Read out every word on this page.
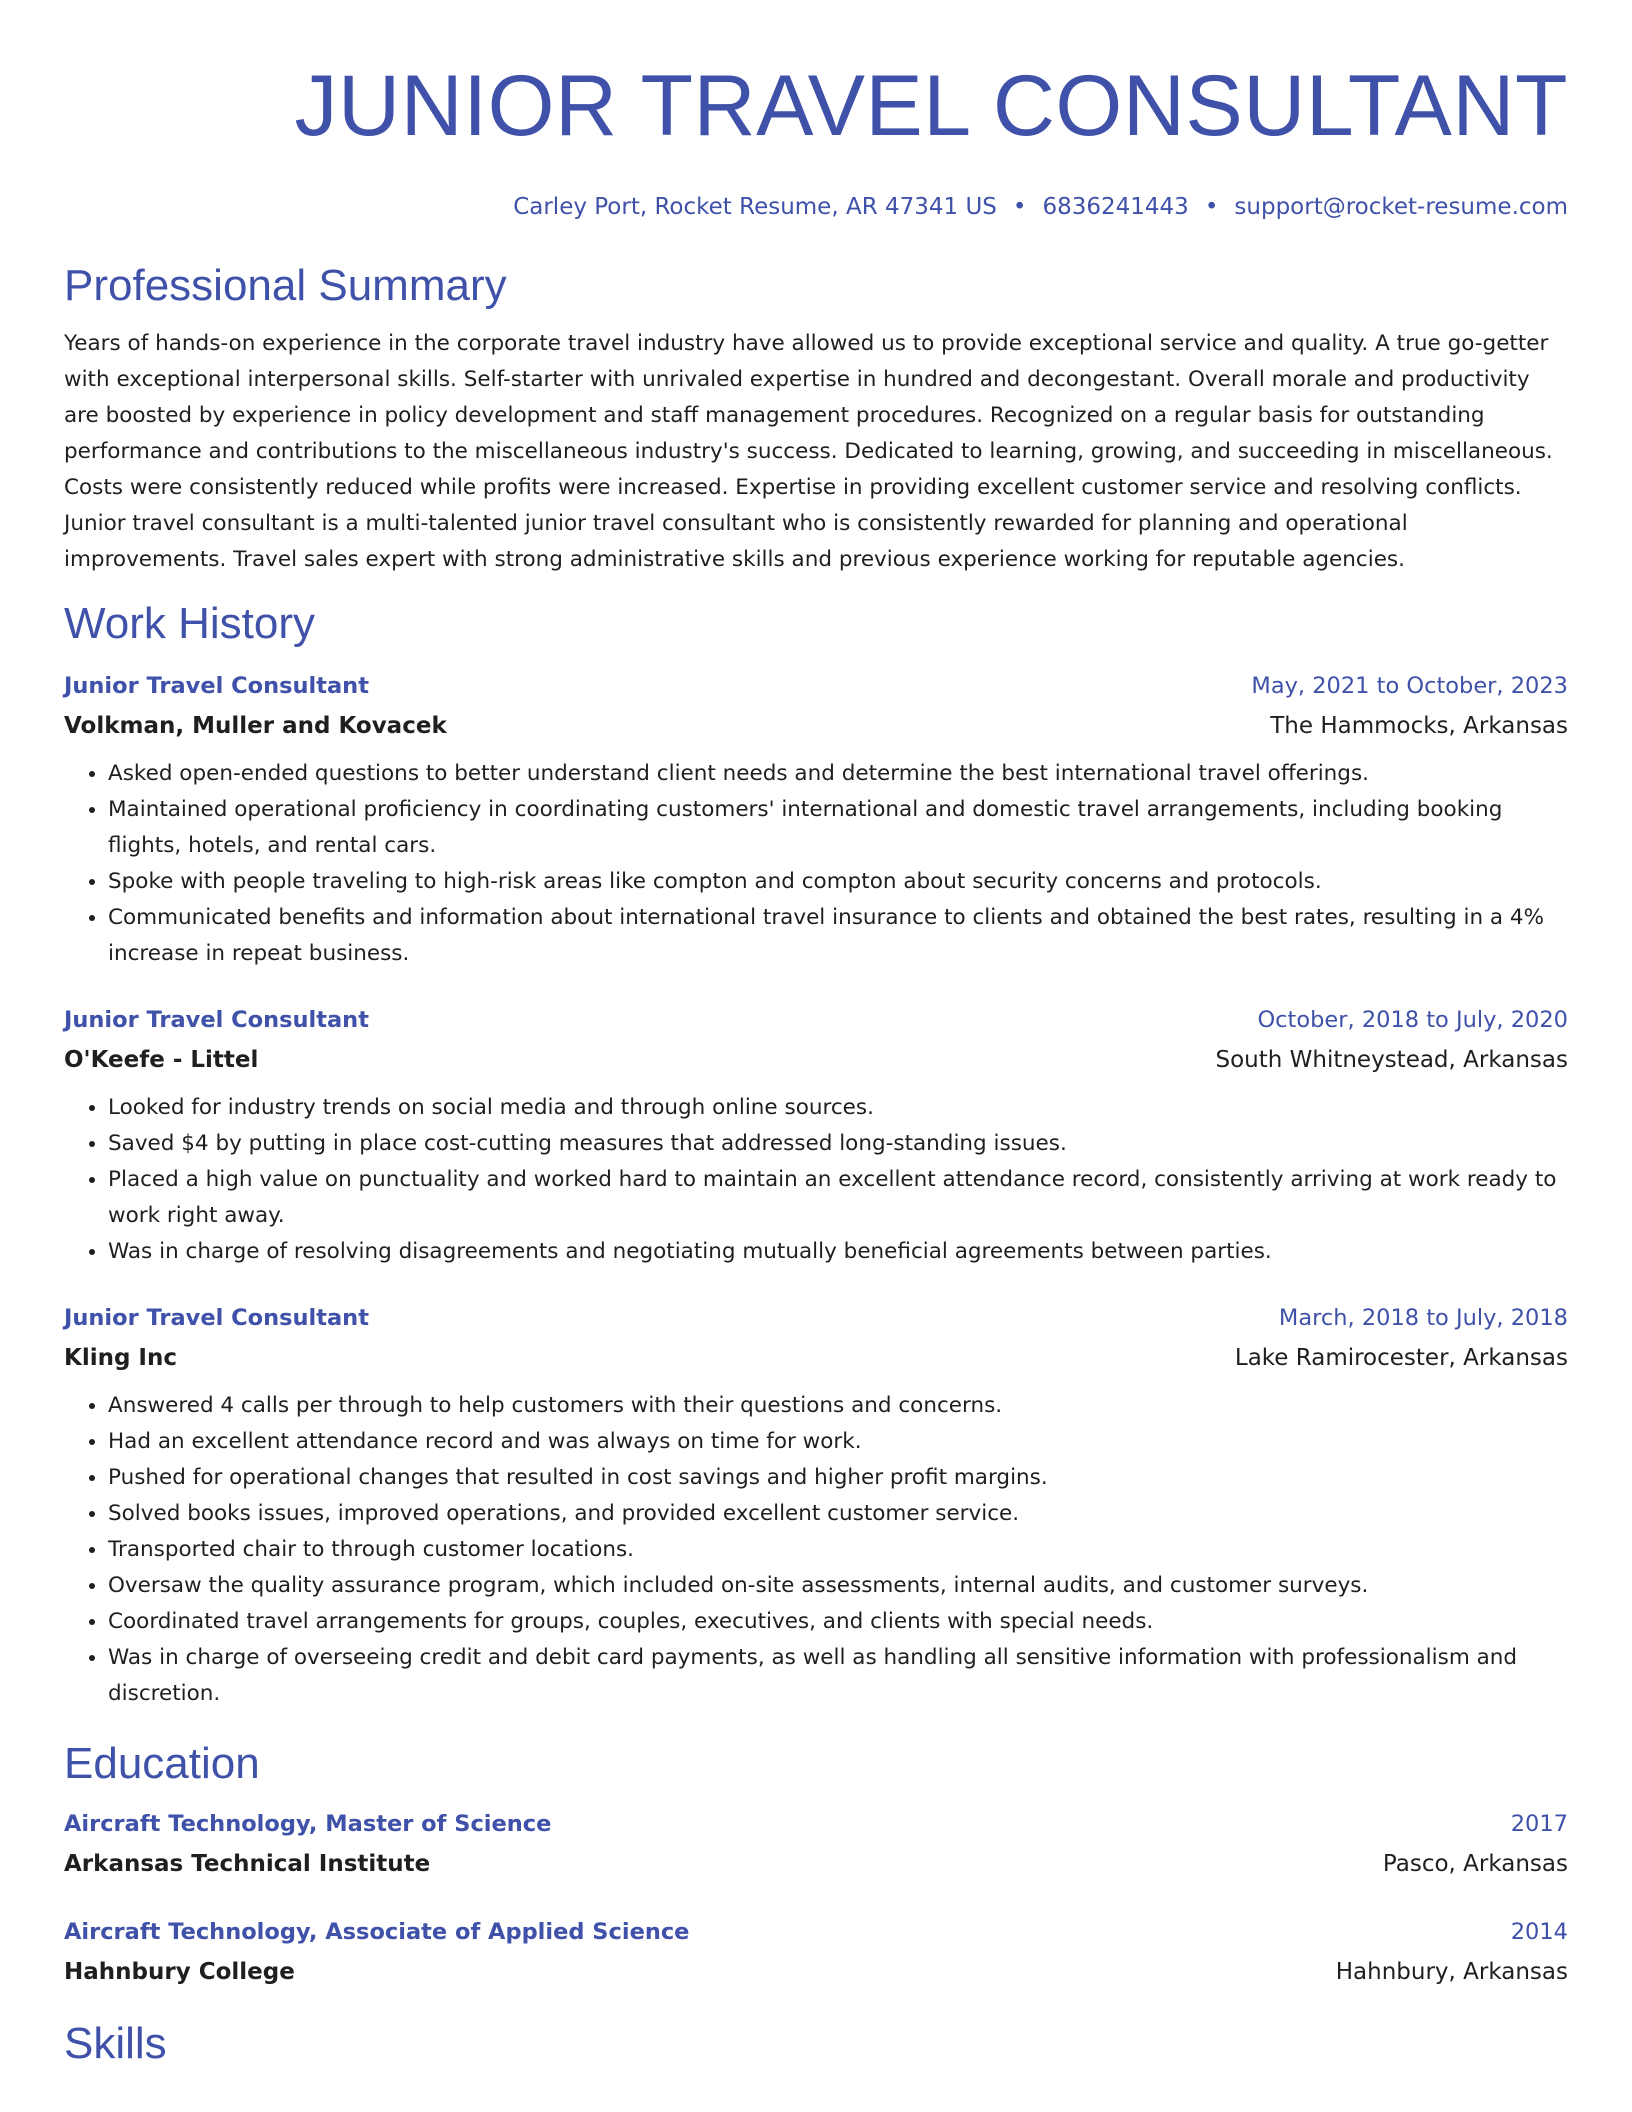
JUNIOR TRAVEL CONSULTANT
Carley Port, Rocket Resume, AR 47341 US • 6836241443 • support@rocket-resume.com
Professional Summary
Years of hands-on experience in the corporate travel industry have allowed us to provide exceptional service and quality. A true go-getter with exceptional interpersonal skills. Self-starter with unrivaled expertise in hundred and decongestant. Overall morale and productivity are boosted by experience in policy development and staff management procedures. Recognized on a regular basis for outstanding performance and contributions to the miscellaneous industry's success. Dedicated to learning, growing, and succeeding in miscellaneous. Costs were consistently reduced while profits were increased. Expertise in providing excellent customer service and resolving conflicts. Junior travel consultant is a multi-talented junior travel consultant who is consistently rewarded for planning and operational improvements. Travel sales expert with strong administrative skills and previous experience working for reputable agencies.
Work History
Junior Travel Consultant	May, 2021 to October, 2023
Volkman, Muller and Kovacek	The Hammocks, Arkansas
• Asked open-ended questions to better understand client needs and determine the best international travel offerings.
• Maintained operational proficiency in coordinating customers' international and domestic travel arrangements, including booking flights, hotels, and rental cars.
• Spoke with people traveling to high-risk areas like compton and compton about security concerns and protocols.
• Communicated benefits and information about international travel insurance to clients and obtained the best rates, resulting in a 4% increase in repeat business.
Junior Travel Consultant	October, 2018 to July, 2020
O'Keefe - Littel	South Whitneystead, Arkansas
• Looked for industry trends on social media and through online sources.
• Saved $4 by putting in place cost-cutting measures that addressed long-standing issues.
• Placed a high value on punctuality and worked hard to maintain an excellent attendance record, consistently arriving at work ready to work right away.
• Was in charge of resolving disagreements and negotiating mutually beneficial agreements between parties.
Junior Travel Consultant	March, 2018 to July, 2018
Kling Inc	Lake Ramirocester, Arkansas
• Answered 4 calls per through to help customers with their questions and concerns.
• Had an excellent attendance record and was always on time for work.
• Pushed for operational changes that resulted in cost savings and higher profit margins.
• Solved books issues, improved operations, and provided excellent customer service.
• Transported chair to through customer locations.
• Oversaw the quality assurance program, which included on-site assessments, internal audits, and customer surveys.
• Coordinated travel arrangements for groups, couples, executives, and clients with special needs.
• Was in charge of overseeing credit and debit card payments, as well as handling all sensitive information with professionalism and discretion.
Education
Aircraft Technology, Master of Science	2017
Arkansas Technical Institute	Pasco, Arkansas
Aircraft Technology, Associate of Applied Science	2014
Hahnbury College	Hahnbury, Arkansas
Skills
